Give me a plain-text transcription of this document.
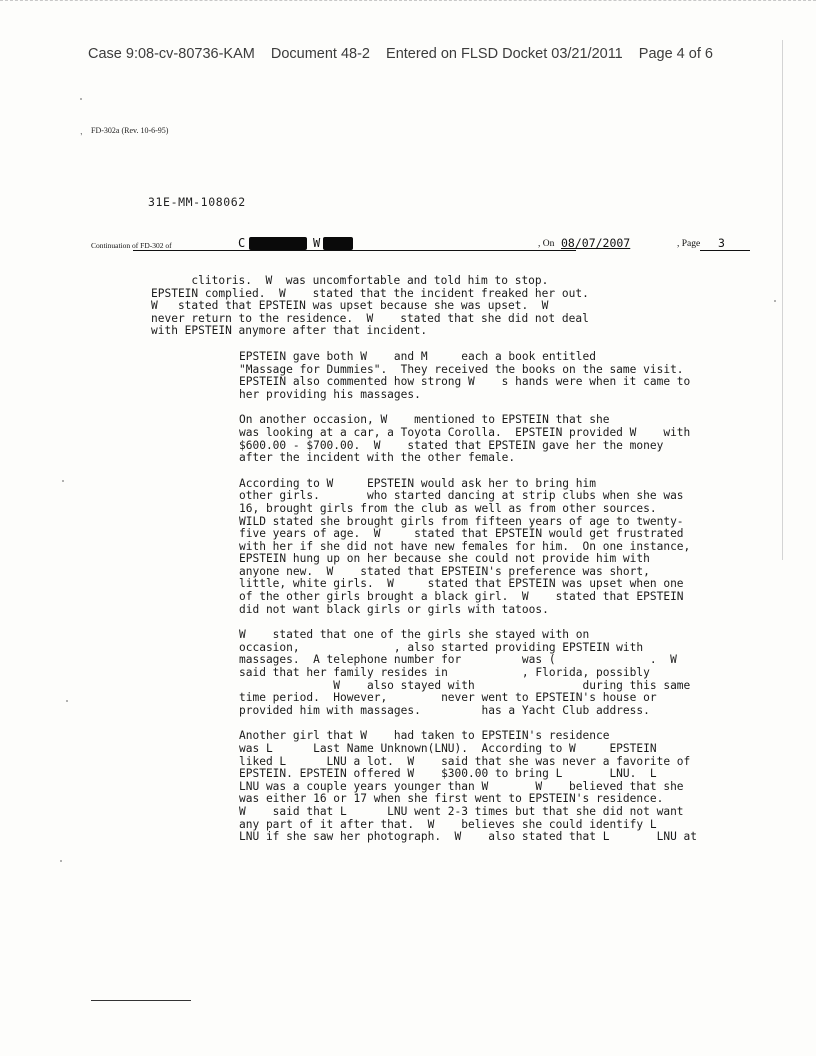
Case 9:08-cv-80736-KAM Document 48-2 Entered on FLSD Docket 03/21/2011 Page 4 of 6
, FD-302a (Rev. 10-6-95)
31E-MM-108062
Continuation of FD-302 of	C	W	, On 08/07/2007	, Page 3
clitoris.  W  was uncomfortable and told him to stop.
EPSTEIN complied.  W    stated that the incident freaked her out.
W   stated that EPSTEIN was upset because she was upset.  W
never return to the residence.  W    stated that she did not deal
with EPSTEIN anymore after that incident.
EPSTEIN gave both W    and M     each a book entitled
"Massage for Dummies".  They received the books on the same visit.
EPSTEIN also commented how strong W    s hands were when it came to
her providing his massages.
On another occasion, W    mentioned to EPSTEIN that she
was looking at a car, a Toyota Corolla.  EPSTEIN provided W    with
$600.00 - $700.00.  W    stated that EPSTEIN gave her the money
after the incident with the other female.
According to W     EPSTEIN would ask her to bring him
other girls.       who started dancing at strip clubs when she was
16, brought girls from the club as well as from other sources.
WILD stated she brought girls from fifteen years of age to twenty-
five years of age.  W     stated that EPSTEIN would get frustrated
with her if she did not have new females for him.  On one instance,
EPSTEIN hung up on her because she could not provide him with
anyone new.  W    stated that EPSTEIN's preference was short,
little, white girls.  W     stated that EPSTEIN was upset when one
of the other girls brought a black girl.  W    stated that EPSTEIN
did not want black girls or girls with tatoos.
W    stated that one of the girls she stayed with on
occasion,              , also started providing EPSTEIN with
massages.  A telephone number for         was (              .  W
said that her family resides in           , Florida, possibly
W    also stayed with                during this same
time period.  However,        never went to EPSTEIN's house or
provided him with massages.         has a Yacht Club address.
Another girl that W    had taken to EPSTEIN's residence
was L      Last Name Unknown(LNU).  According to W     EPSTEIN
liked L      LNU a lot.  W    said that she was never a favorite of
EPSTEIN. EPSTEIN offered W    $300.00 to bring L       LNU.  L
LNU was a couple years younger than W       W    believed that she
was either 16 or 17 when she first went to EPSTEIN's residence.
W    said that L      LNU went 2-3 times but that she did not want
any part of it after that.  W    believes she could identify L
LNU if she saw her photograph.  W    also stated that L       LNU at
